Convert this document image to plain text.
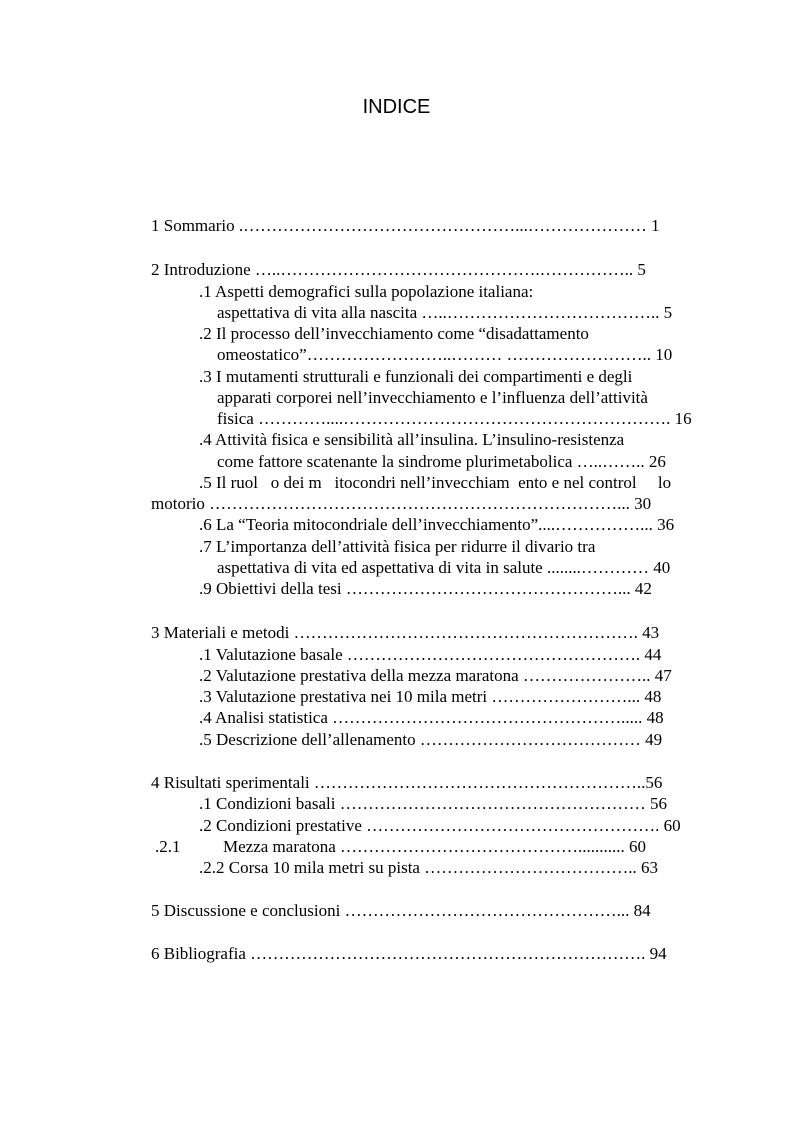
INDICE
1 Sommario .…………………………………………...………………… 1
2 Introduzione …..……………………………………….…………….. 5
.1 Aspetti demografici sulla popolazione italiana:
aspettativa di vita alla nascita …..……………………………….. 5
.2 Il processo dell’invecchiamento come “disadattamento
omeostatico”……………………..……… …………………….. 10
.3 I mutamenti strutturali e funzionali dei compartimenti e degli
apparati corporei nell’invecchiamento e l’influenza dell’attività
fisica …………....…………………………………………………. 16
.4 Attività fisica e sensibilità all’insulina. L’insulino-resistenza
come fattore scatenante la sindrome plurimetabolica …..…….. 26
.5 Il ruol   o dei m   itocondri nell’invecchiam  ento e nel control     lo
motorio ………………………………………………………………... 30
.6 La “Teoria mitocondriale dell’invecchiamento”....……………... 36
.7 L’importanza dell’attività fisica per ridurre il divario tra
aspettativa di vita ed aspettativa di vita in salute ........………… 40
.9 Obiettivi della tesi …………………………………………... 42
3 Materiali e metodi ……………………………………………………. 43
.1 Valutazione basale ……………………………………………. 44
.2 Valutazione prestativa della mezza maratona ………………….. 47
.3 Valutazione prestativa nei 10 mila metri ……………………... 48
.4 Analisi statistica ……………………………………………..... 48
.5 Descrizione dell’allenamento ………………………………… 49
4 Risultati sperimentali …………………………………………………..56
.1 Condizioni basali ……………………………………………… 56
.2 Condizioni prestative ……………………………………………. 60
.2.1          Mezza maratona ……………………………………........... 60
.2.2 Corsa 10 mila metri su pista ……………………………….. 63
5 Discussione e conclusioni …………………………………………... 84
6 Bibliografia ……………………………………………………………. 94
